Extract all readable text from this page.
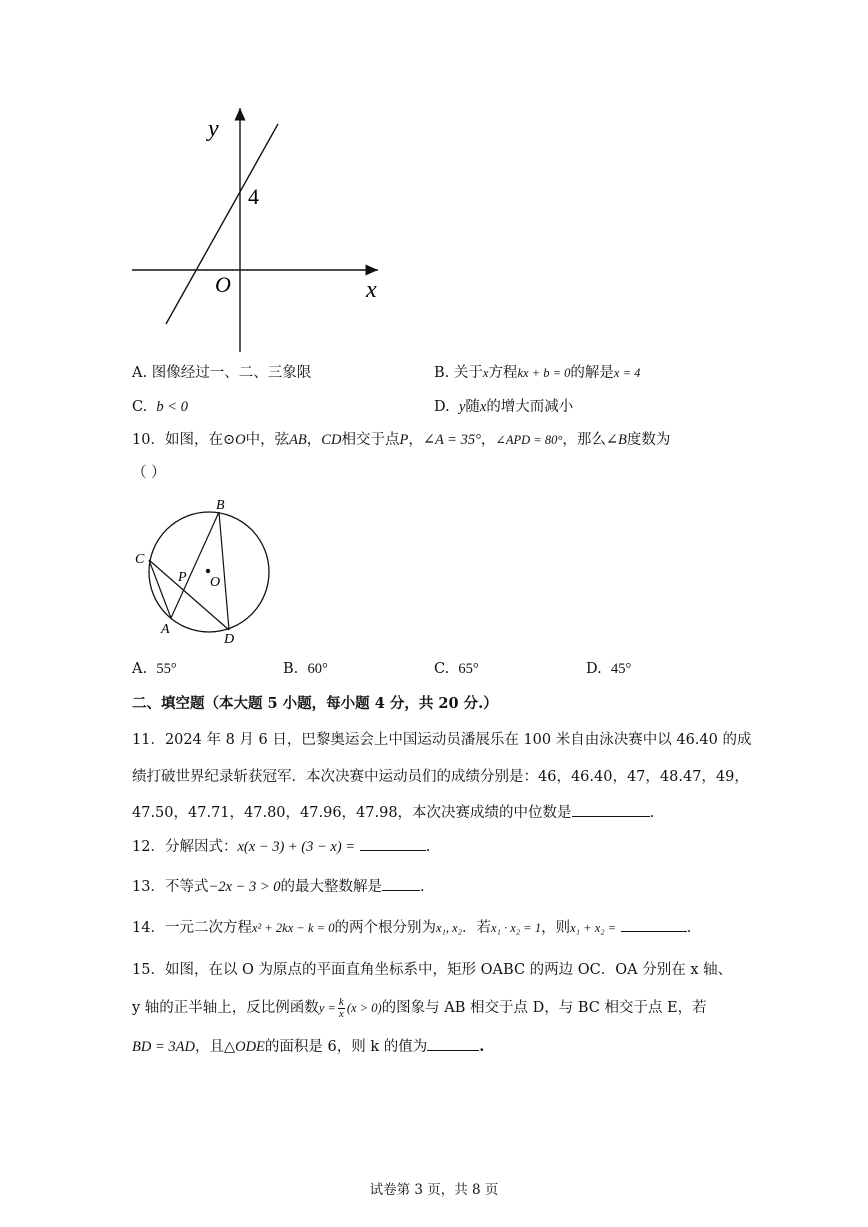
y
x
O
4
A. 图像经过一、二、三象限	B. 关于x方程kx + b = 0的解是x = 4
C. b < 0	D. y随x的增大而减小
10．如图，在⊙O中，弦AB，CD相交于点P，∠A = 35°，∠APD = 80°，那么∠B度数为
（ ）
B
C
P O
A
D
A. 55°	B. 60°	C. 65°	D. 45°
二、填空题（本大题 5 小题，每小题 4 分，共 20 分.）
11．2024 年 8 月 6 日，巴黎奥运会上中国运动员潘展乐在 100 米自由泳决赛中以 46.40 的成
绩打破世界纪录斩获冠军．本次决赛中运动员们的成绩分别是：46，46.40，47，48.47，49，
47.50，47.71，47.80，47.96，47.98，本次决赛成绩的中位数是	.
12．分解因式：x(x − 3) + (3 − x) =	.
13．不等式−2x − 3 > 0的最大整数解是	.
14．一元二次方程x² + 2kx − k = 0的两个根分别为x₁, x₂．若x₁ · x₂ = 1，则x₁ + x₂ =	.
15．如图，在以 O 为原点的平面直角坐标系中，矩形 OABC 的两边 OC．OA 分别在 x 轴、
y 轴的正半轴上，反比例函数$y = \frac{k}{x} (x > 0)$的图象与 AB 相交于点 D，与 BC 相交于点 E，若
BD = 3AD，且△ODE的面积是 6，则 k 的值为	.
试卷第 3 页，共 8 页
